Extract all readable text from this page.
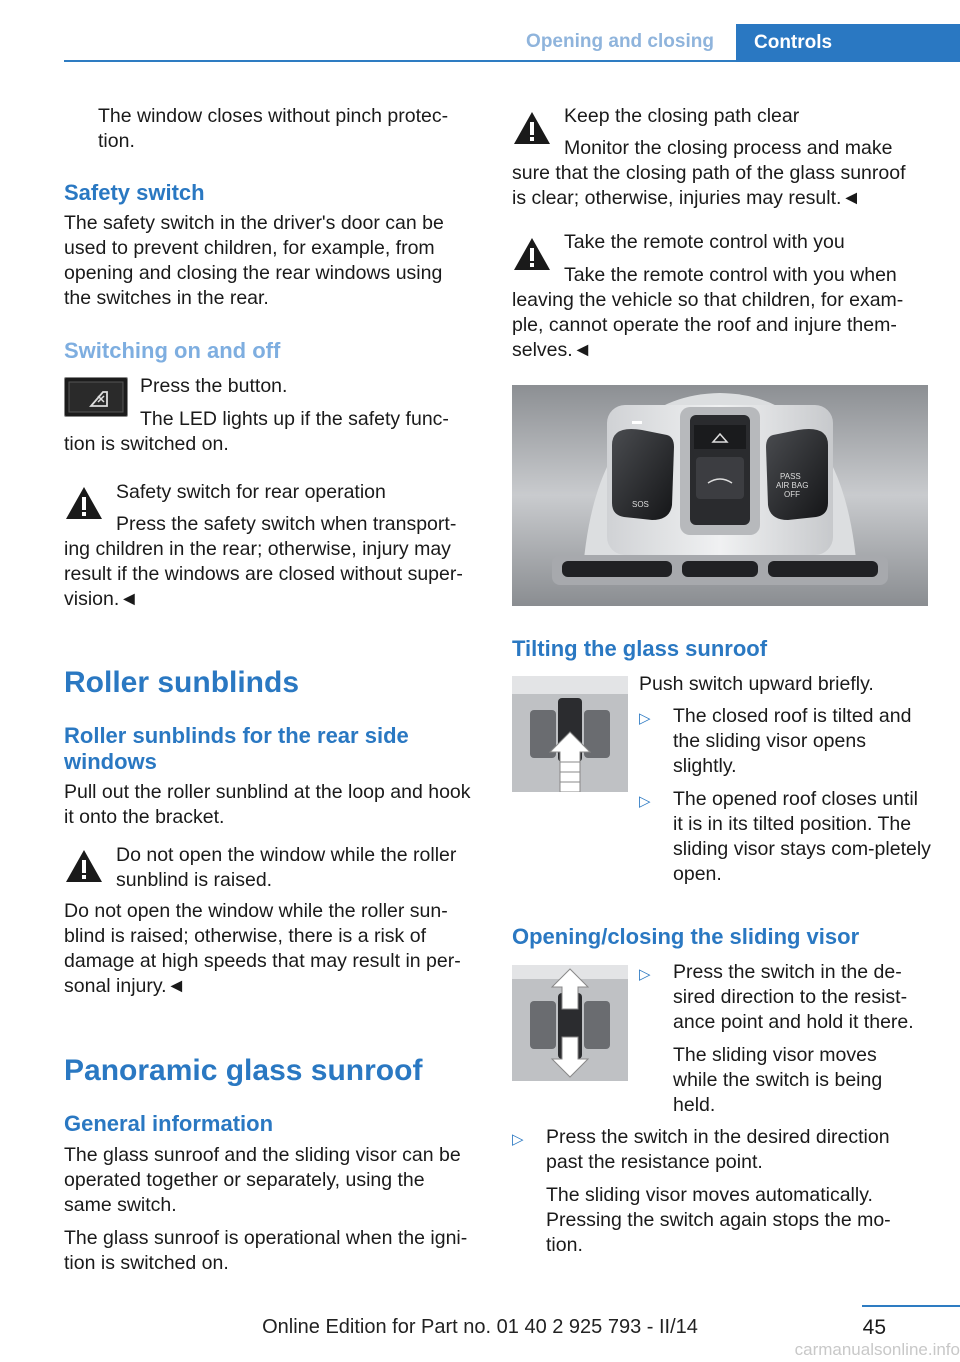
Opening and closing	Controls
The window closes without pinch protec-
tion.
Safety switch
The safety switch in the driver's door can be used to prevent children, for example, from opening and closing the rear windows using the switches in the rear.
Switching on and off
Press the button.
The LED lights up if the safety func-
tion is switched on.
Safety switch for rear operation
Press the safety switch when transport-
ing children in the rear; otherwise, injury may result if the windows are closed without super-vision.◄
Roller sunblinds
Roller sunblinds for the rear side windows
Pull out the roller sunblind at the loop and hook it onto the bracket.
Do not open the window while the roller sunblind is raised.
Do not open the window while the roller sun-blind is raised; otherwise, there is a risk of damage at high speeds that may result in per-sonal injury.◄
Panoramic glass sunroof
General information
The glass sunroof and the sliding visor can be operated together or separately, using the same switch.
The glass sunroof is operational when the igni-tion is switched on.
Keep the closing path clear
Monitor the closing process and make
sure that the closing path of the glass sunroof is clear; otherwise, injuries may result.◄
Take the remote control with you
Take the remote control with you when
leaving the vehicle so that children, for exam-ple, cannot operate the roof and injure them-selves.◄
SOS
PASS
AIR BAG
OFF
Tilting the glass sunroof
Push switch upward briefly.
▷ The closed roof is tilted and the sliding visor opens slightly.
▷ The opened roof closes until it is in its tilted position. The sliding visor stays com-pletely open.
Opening/closing the sliding visor
▷ Press the switch in the de-sired direction to the resist-ance point and hold it there.
The sliding visor moves while the switch is being held.
▷ Press the switch in the desired direction past the resistance point.
The sliding visor moves automatically. Pressing the switch again stops the mo-tion.
45
Online Edition for Part no. 01 40 2 925 793 - II/14
carmanualsonline.info
